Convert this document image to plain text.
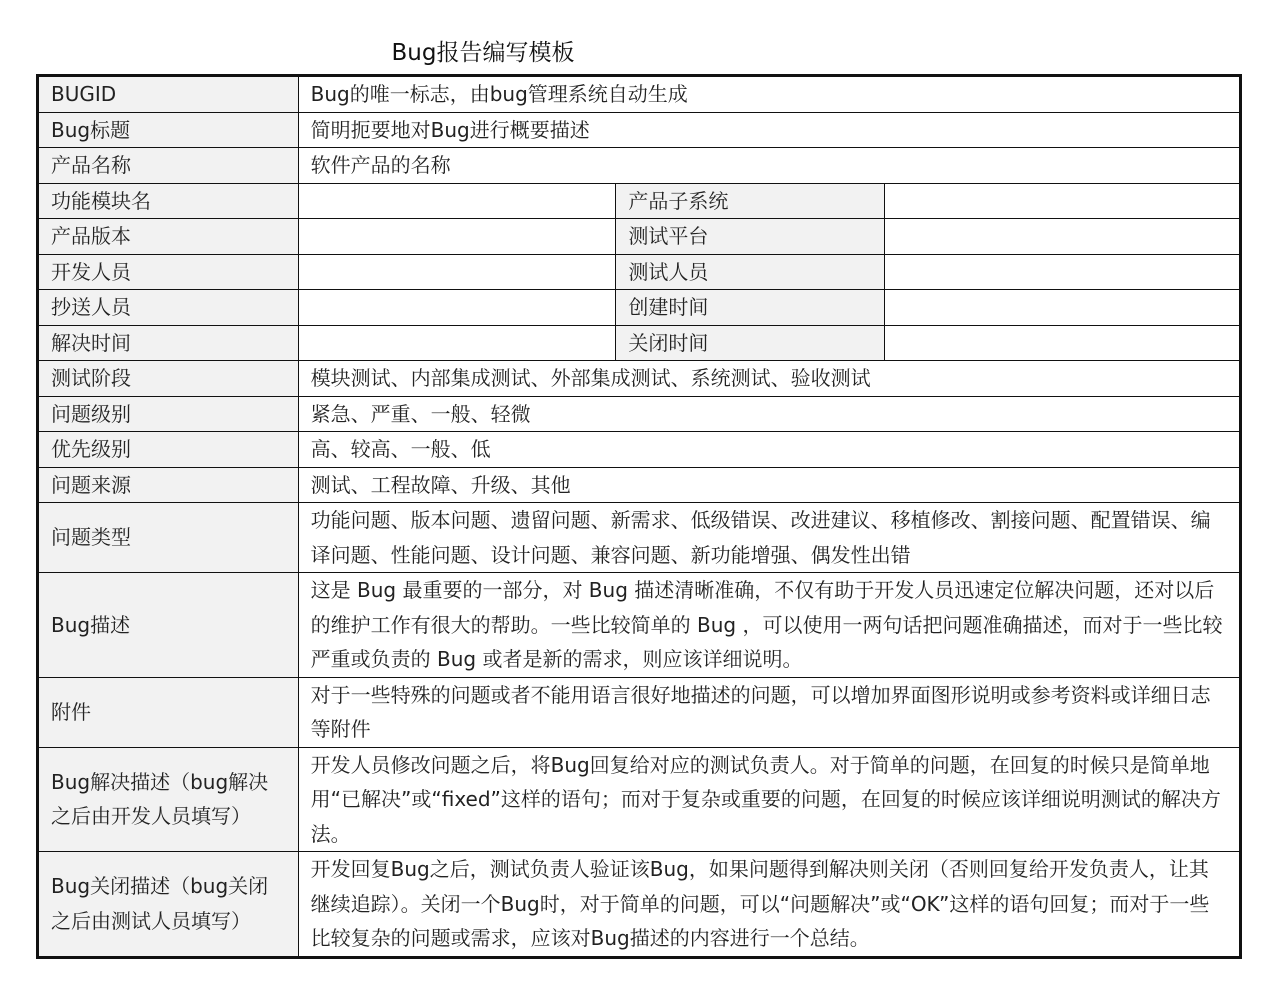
Bug报告编写模板
BUGID	Bug的唯一标志，由bug管理系统自动生成		
Bug标题	简明扼要地对Bug进行概要描述		
产品名称	软件产品的名称		
功能模块名		产品子系统	
产品版本		测试平台	
开发人员		测试人员	
抄送人员		创建时间	
解决时间		关闭时间	
测试阶段	模块测试、内部集成测试、外部集成测试、系统测试、验收测试		
问题级别	紧急、严重、一般、轻微		
优先级别	高、较高、一般、低		
问题来源	测试、工程故障、升级、其他		
问题类型	功能问题、版本问题、遗留问题、新需求、低级错误、改进建议、移植修改、割接问题、配置错误、编译问题、性能问题、设计问题、兼容问题、新功能增强、偶发性出错		
Bug描述	这是 Bug 最重要的一部分，对 Bug 描述清晰准确，不仅有助于开发人员迅速定位解决问题，还对以后的维护工作有很大的帮助。一些比较简单的 Bug ，可以使用一两句话把问题准确描述，而对于一些比较严重或负责的 Bug 或者是新的需求，则应该详细说明。		
附件	对于一些特殊的问题或者不能用语言很好地描述的问题，可以增加界面图形说明或参考资料或详细日志等附件		
Bug解决描述（bug解决之后由开发人员填写）	开发人员修改问题之后，将Bug回复给对应的测试负责人。对于简单的问题，在回复的时候只是简单地用“已解决”或“fixed”这样的语句；而对于复杂或重要的问题，在回复的时候应该详细说明测试的解决方法。		
Bug关闭描述（bug关闭之后由测试人员填写）	开发回复Bug之后，测试负责人验证该Bug，如果问题得到解决则关闭（否则回复给开发负责人，让其继续追踪）。关闭一个Bug时，对于简单的问题，可以“问题解决”或“OK”这样的语句回复；而对于一些比较复杂的问题或需求，应该对Bug描述的内容进行一个总结。		
